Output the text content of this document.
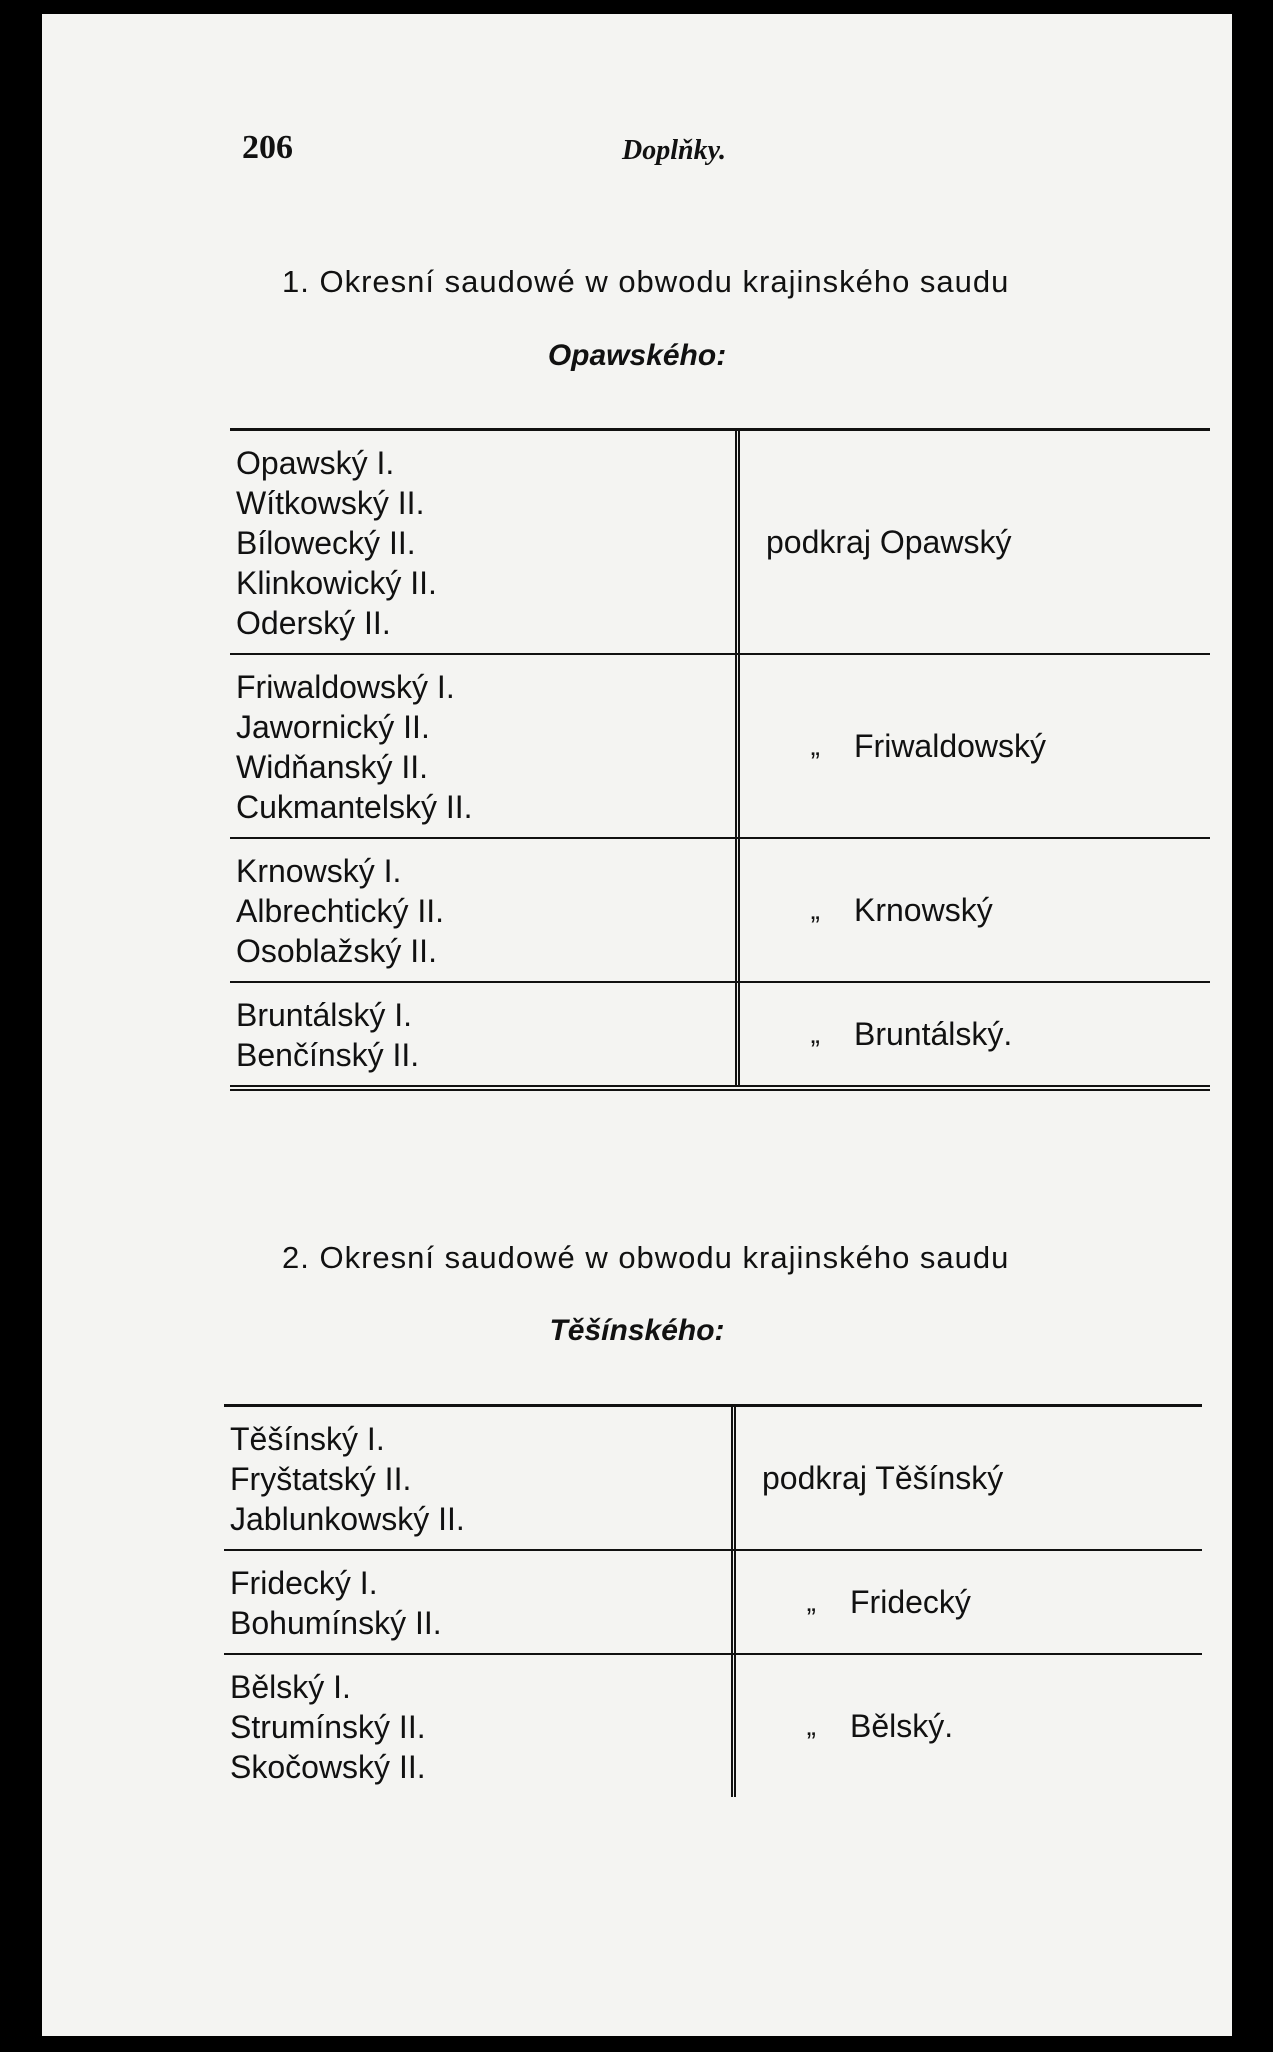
206	Doplňky.
1. Okresní saudowé w obwodu krajinského saudu
Opawského:
Opawský I.
Wítkowský II.
Bílowecký II.
Klinkowický II.
Oderský II.
podkraj Opawský
Friwaldowský I.
Jawornický II.
Widňanský II.
Cukmantelský II.
„ Friwaldowský
Krnowský I.
Albrechtický II.
Osoblažský II.
„ Krnowský
Bruntálský I.
Benčínský II.
„ Bruntálský.
2. Okresní saudowé w obwodu krajinského saudu
Těšínského:
Těšínský I.
Fryštatský II.
Jablunkowský II.
podkraj Těšínský
Fridecký I.
Bohumínský II.
„ Fridecký
Bělský I.
Strumínský II.
Skočowský II.
„ Bělský.
